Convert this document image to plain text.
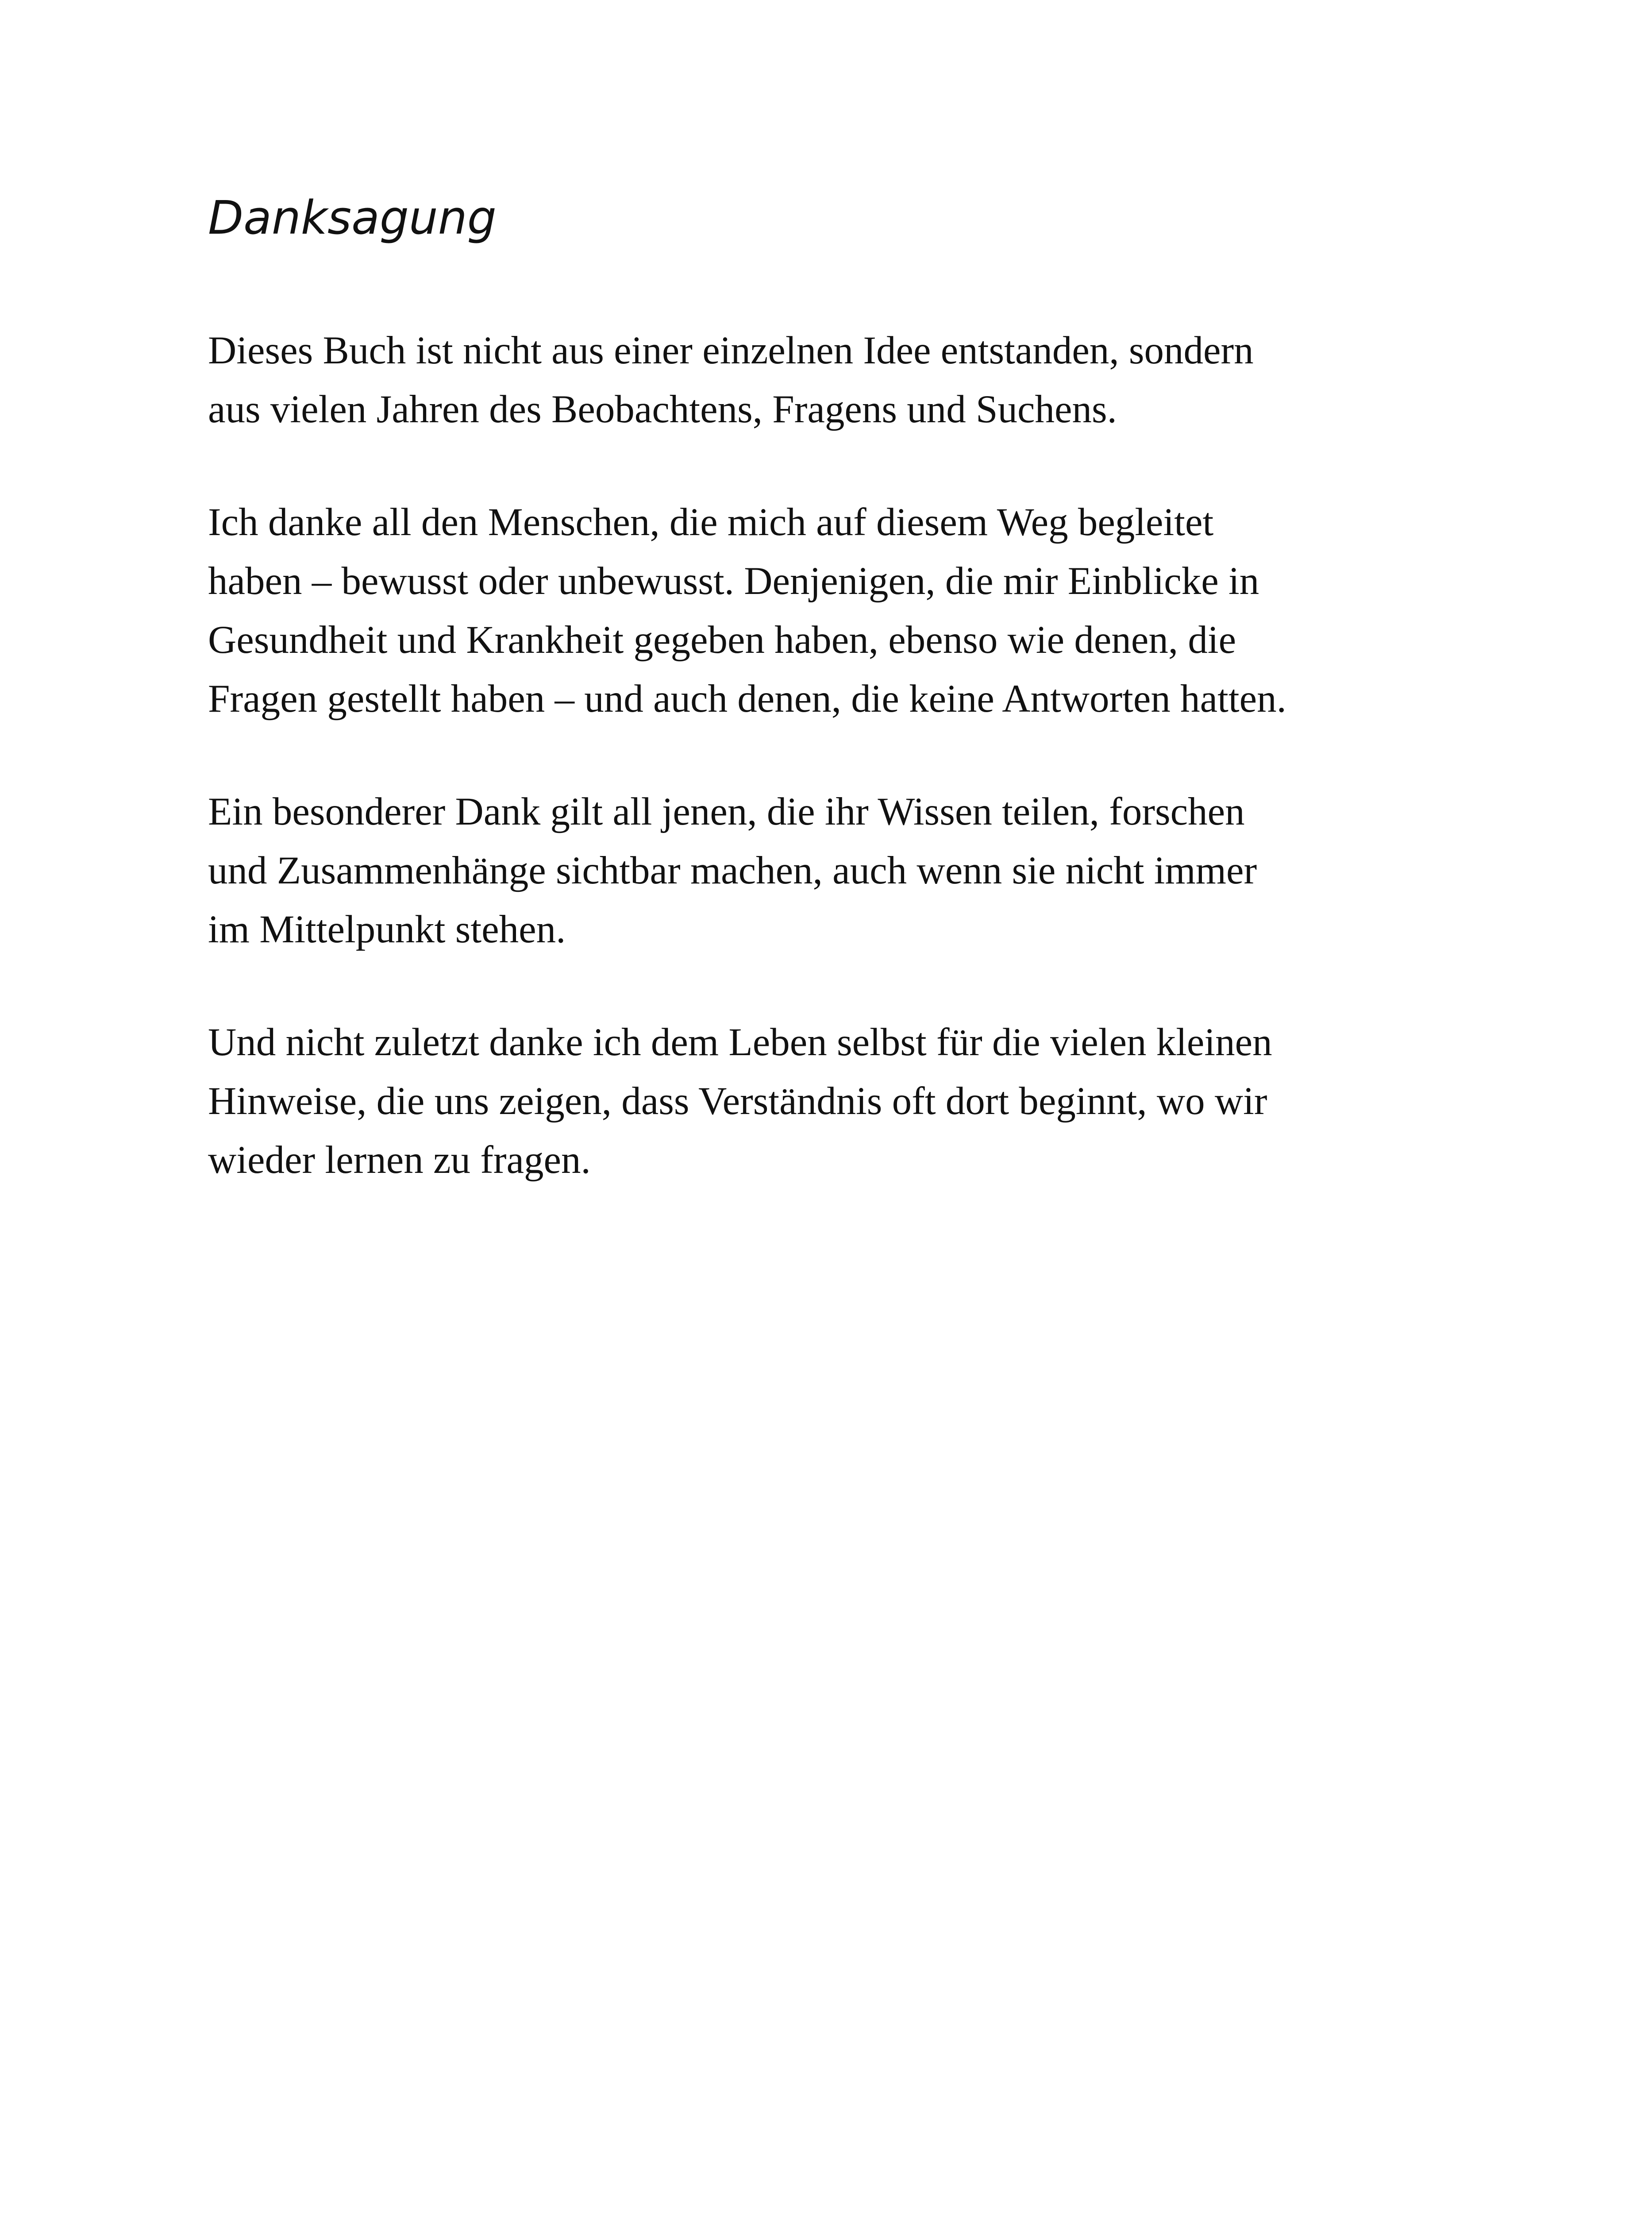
Danksagung

Dieses Buch ist nicht aus einer einzelnen Idee entstanden, sondern
aus vielen Jahren des Beobachtens, Fragens und Suchens.

Ich danke all den Menschen, die mich auf diesem Weg begleitet
haben – bewusst oder unbewusst. Denjenigen, die mir Einblicke in
Gesundheit und Krankheit gegeben haben, ebenso wie denen, die
Fragen gestellt haben – und auch denen, die keine Antworten hatten.

Ein besonderer Dank gilt all jenen, die ihr Wissen teilen, forschen
und Zusammenhänge sichtbar machen, auch wenn sie nicht immer
im Mittelpunkt stehen.

Und nicht zuletzt danke ich dem Leben selbst für die vielen kleinen
Hinweise, die uns zeigen, dass Verständnis oft dort beginnt, wo wir
wieder lernen zu fragen.
